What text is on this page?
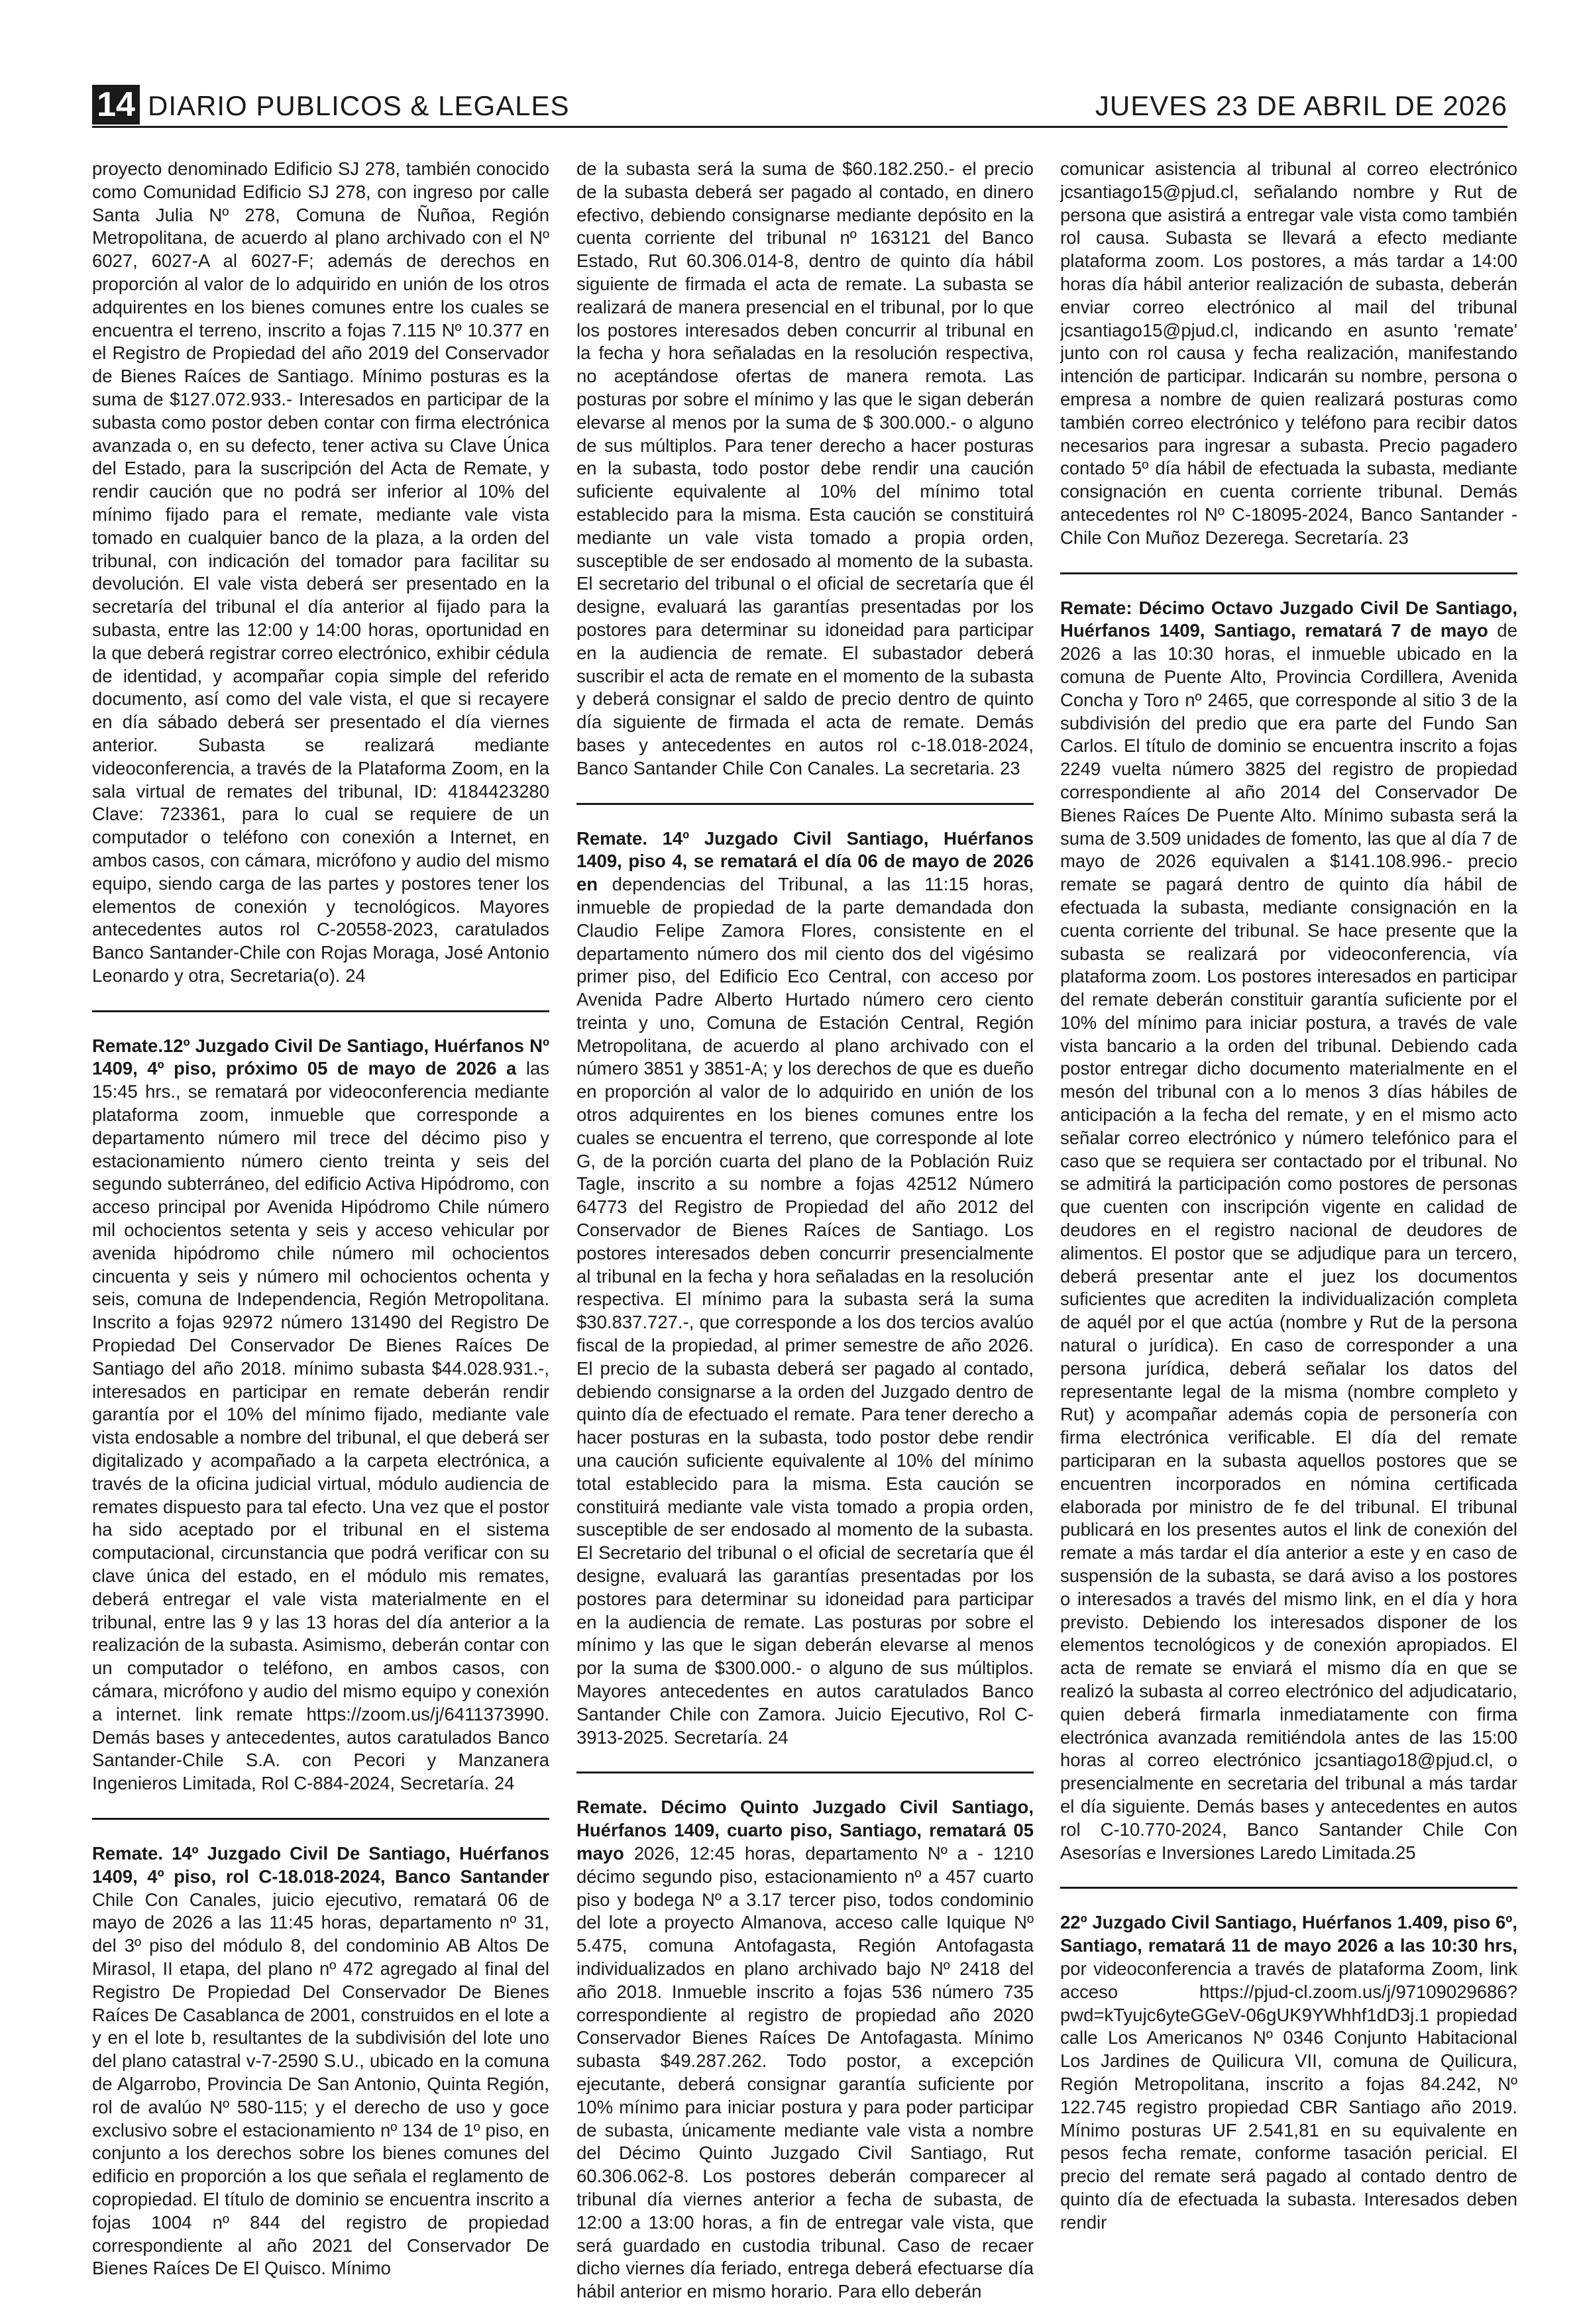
14 DIARIO PUBLICOS & LEGALES	JUEVES 23 DE ABRIL DE 2026

proyecto denominado Edificio SJ 278, también conocido como Comunidad Edificio SJ 278, con ingreso por calle Santa Julia Nº 278, Comuna de Ñuñoa, Región Metropolitana, de acuerdo al plano archivado con el Nº 6027, 6027-A al 6027-F; además de derechos en proporción al valor de lo adquirido en unión de los otros adquirentes en los bienes comunes entre los cuales se encuentra el terreno, inscrito a fojas 7.115 Nº 10.377 en el Registro de Propiedad del año 2019 del Conservador de Bienes Raíces de Santiago. Mínimo posturas es la suma de $127.072.933.- Interesados en participar de la subasta como postor deben contar con firma electrónica avanzada o, en su defecto, tener activa su Clave Única del Estado, para la suscripción del Acta de Remate, y rendir caución que no podrá ser inferior al 10% del mínimo fijado para el remate, mediante vale vista tomado en cualquier banco de la plaza, a la orden del tribunal, con indicación del tomador para facilitar su devolución. El vale vista deberá ser presentado en la secretaría del tribunal el día anterior al fijado para la subasta, entre las 12:00 y 14:00 horas, oportunidad en la que deberá registrar correo electrónico, exhibir cédula de identidad, y acompañar copia simple del referido documento, así como del vale vista, el que si recayere en día sábado deberá ser presentado el día viernes anterior. Subasta se realizará mediante videoconferencia, a través de la Plataforma Zoom, en la sala virtual de remates del tribunal, ID: 4184423280 Clave: 723361, para lo cual se requiere de un computador o teléfono con conexión a Internet, en ambos casos, con cámara, micrófono y audio del mismo equipo, siendo carga de las partes y postores tener los elementos de conexión y tecnológicos. Mayores antecedentes autos rol C-20558-2023, caratulados Banco Santander-Chile con Rojas Moraga, José Antonio Leonardo y otra, Secretaria(o). 24

Remate.12º Juzgado Civil De Santiago, Huérfanos Nº 1409, 4º piso, próximo 05 de mayo de 2026 a las 15:45 hrs., se rematará por videoconferencia mediante plataforma zoom, inmueble que corresponde a departamento número mil trece del décimo piso y estacionamiento número ciento treinta y seis del segundo subterráneo, del edificio Activa Hipódromo, con acceso principal por Avenida Hipódromo Chile número mil ochocientos setenta y seis y acceso vehicular por avenida hipódromo chile número mil ochocientos cincuenta y seis y número mil ochocientos ochenta y seis, comuna de Independencia, Región Metropolitana. Inscrito a fojas 92972 número 131490 del Registro De Propiedad Del Conservador De Bienes Raíces De Santiago del año 2018. mínimo subasta $44.028.931.-, interesados en participar en remate deberán rendir garantía por el 10% del mínimo fijado, mediante vale vista endosable a nombre del tribunal, el que deberá ser digitalizado y acompañado a la carpeta electrónica, a través de la oficina judicial virtual, módulo audiencia de remates dispuesto para tal efecto. Una vez que el postor ha sido aceptado por el tribunal en el sistema computacional, circunstancia que podrá verificar con su clave única del estado, en el módulo mis remates, deberá entregar el vale vista materialmente en el tribunal, entre las 9 y las 13 horas del día anterior a la realización de la subasta. Asimismo, deberán contar con un computador o teléfono, en ambos casos, con cámara, micrófono y audio del mismo equipo y conexión a internet. link remate https://zoom.us/j/6411373990. Demás bases y antecedentes, autos caratulados Banco Santander-Chile S.A. con Pecori y Manzanera Ingenieros Limitada, Rol C-884-2024, Secretaría. 24

Remate. 14º Juzgado Civil De Santiago, Huérfanos 1409, 4º piso, rol C-18.018-2024, Banco Santander Chile Con Canales, juicio ejecutivo, rematará 06 de mayo de 2026 a las 11:45 horas, departamento nº 31, del 3º piso del módulo 8, del condominio AB Altos De Mirasol, II etapa, del plano nº 472 agregado al final del Registro De Propiedad Del Conservador De Bienes Raíces De Casablanca de 2001, construidos en el lote a y en el lote b, resultantes de la subdivisión del lote uno del plano catastral v-7-2590 S.U., ubicado en la comuna de Algarrobo, Provincia De San Antonio, Quinta Región, rol de avalúo Nº 580-115; y el derecho de uso y goce exclusivo sobre el estacionamiento nº 134 de 1º piso, en conjunto a los derechos sobre los bienes comunes del edificio en proporción a los que señala el reglamento de copropiedad. El título de dominio se encuentra inscrito a fojas 1004 nº 844 del registro de propiedad correspondiente al año 2021 del Conservador De Bienes Raíces De El Quisco. Mínimo

de la subasta será la suma de $60.182.250.- el precio de la subasta deberá ser pagado al contado, en dinero efectivo, debiendo consignarse mediante depósito en la cuenta corriente del tribunal nº 163121 del Banco Estado, Rut 60.306.014-8, dentro de quinto día hábil siguiente de firmada el acta de remate. La subasta se realizará de manera presencial en el tribunal, por lo que los postores interesados deben concurrir al tribunal en la fecha y hora señaladas en la resolución respectiva, no aceptándose ofertas de manera remota. Las posturas por sobre el mínimo y las que le sigan deberán elevarse al menos por la suma de $ 300.000.- o alguno de sus múltiplos. Para tener derecho a hacer posturas en la subasta, todo postor debe rendir una caución suficiente equivalente al 10% del mínimo total establecido para la misma. Esta caución se constituirá mediante un vale vista tomado a propia orden, susceptible de ser endosado al momento de la subasta. El secretario del tribunal o el oficial de secretaría que él designe, evaluará las garantías presentadas por los postores para determinar su idoneidad para participar en la audiencia de remate. El subastador deberá suscribir el acta de remate en el momento de la subasta y deberá consignar el saldo de precio dentro de quinto día siguiente de firmada el acta de remate. Demás bases y antecedentes en autos rol c-18.018-2024, Banco Santander Chile Con Canales. La secretaria. 23

Remate. 14º Juzgado Civil Santiago, Huérfanos 1409, piso 4, se rematará el día 06 de mayo de 2026 en dependencias del Tribunal, a las 11:15 horas, inmueble de propiedad de la parte demandada don Claudio Felipe Zamora Flores, consistente en el departamento número dos mil ciento dos del vigésimo primer piso, del Edificio Eco Central, con acceso por Avenida Padre Alberto Hurtado número cero ciento treinta y uno, Comuna de Estación Central, Región Metropolitana, de acuerdo al plano archivado con el número 3851 y 3851-A; y los derechos de que es dueño en proporción al valor de lo adquirido en unión de los otros adquirentes en los bienes comunes entre los cuales se encuentra el terreno, que corresponde al lote G, de la porción cuarta del plano de la Población Ruiz Tagle, inscrito a su nombre a fojas 42512 Número 64773 del Registro de Propiedad del año 2012 del Conservador de Bienes Raíces de Santiago. Los postores interesados deben concurrir presencialmente al tribunal en la fecha y hora señaladas en la resolución respectiva. El mínimo para la subasta será la suma $30.837.727.-, que corresponde a los dos tercios avalúo fiscal de la propiedad, al primer semestre de año 2026. El precio de la subasta deberá ser pagado al contado, debiendo consignarse a la orden del Juzgado dentro de quinto día de efectuado el remate. Para tener derecho a hacer posturas en la subasta, todo postor debe rendir una caución suficiente equivalente al 10% del mínimo total establecido para la misma. Esta caución se constituirá mediante vale vista tomado a propia orden, susceptible de ser endosado al momento de la subasta. El Secretario del tribunal o el oficial de secretaría que él designe, evaluará las garantías presentadas por los postores para determinar su idoneidad para participar en la audiencia de remate. Las posturas por sobre el mínimo y las que le sigan deberán elevarse al menos por la suma de $300.000.- o alguno de sus múltiplos. Mayores antecedentes en autos caratulados Banco Santander Chile con Zamora. Juicio Ejecutivo, Rol C-3913-2025. Secretaría. 24

Remate. Décimo Quinto Juzgado Civil Santiago, Huérfanos 1409, cuarto piso, Santiago, rematará 05 mayo 2026, 12:45 horas, departamento Nº a - 1210 décimo segundo piso, estacionamiento nº a 457 cuarto piso y bodega Nº a 3.17 tercer piso, todos condominio del lote a proyecto Almanova, acceso calle Iquique Nº 5.475, comuna Antofagasta, Región Antofagasta individualizados en plano archivado bajo Nº 2418 del año 2018. Inmueble inscrito a fojas 536 número 735 correspondiente al registro de propiedad año 2020 Conservador Bienes Raíces De Antofagasta. Mínimo subasta $49.287.262. Todo postor, a excepción ejecutante, deberá consignar garantía suficiente por 10% mínimo para iniciar postura y para poder participar de subasta, únicamente mediante vale vista a nombre del Décimo Quinto Juzgado Civil Santiago, Rut 60.306.062-8. Los postores deberán comparecer al tribunal día viernes anterior a fecha de subasta, de 12:00 a 13:00 horas, a fin de entregar vale vista, que será guardado en custodia tribunal. Caso de recaer dicho viernes día feriado, entrega deberá efectuarse día hábil anterior en mismo horario. Para ello deberán

comunicar asistencia al tribunal al correo electrónico jcsantiago15@pjud.cl, señalando nombre y Rut de persona que asistirá a entregar vale vista como también rol causa. Subasta se llevará a efecto mediante plataforma zoom. Los postores, a más tardar a 14:00 horas día hábil anterior realización de subasta, deberán enviar correo electrónico al mail del tribunal jcsantiago15@pjud.cl, indicando en asunto 'remate' junto con rol causa y fecha realización, manifestando intención de participar. Indicarán su nombre, persona o empresa a nombre de quien realizará posturas como también correo electrónico y teléfono para recibir datos necesarios para ingresar a subasta. Precio pagadero contado 5º día hábil de efectuada la subasta, mediante consignación en cuenta corriente tribunal. Demás antecedentes rol Nº C-18095-2024, Banco Santander - Chile Con Muñoz Dezerega. Secretaría. 23

Remate: Décimo Octavo Juzgado Civil De Santiago, Huérfanos 1409, Santiago, rematará 7 de mayo de 2026 a las 10:30 horas, el inmueble ubicado en la comuna de Puente Alto, Provincia Cordillera, Avenida Concha y Toro nº 2465, que corresponde al sitio 3 de la subdivisión del predio que era parte del Fundo San Carlos. El título de dominio se encuentra inscrito a fojas 2249 vuelta número 3825 del registro de propiedad correspondiente al año 2014 del Conservador De Bienes Raíces De Puente Alto. Mínimo subasta será la suma de 3.509 unidades de fomento, las que al día 7 de mayo de 2026 equivalen a $141.108.996.- precio remate se pagará dentro de quinto día hábil de efectuada la subasta, mediante consignación en la cuenta corriente del tribunal. Se hace presente que la subasta se realizará por videoconferencia, vía plataforma zoom. Los postores interesados en participar del remate deberán constituir garantía suficiente por el 10% del mínimo para iniciar postura, a través de vale vista bancario a la orden del tribunal. Debiendo cada postor entregar dicho documento materialmente en el mesón del tribunal con a lo menos 3 días hábiles de anticipación a la fecha del remate, y en el mismo acto señalar correo electrónico y número telefónico para el caso que se requiera ser contactado por el tribunal. No se admitirá la participación como postores de personas que cuenten con inscripción vigente en calidad de deudores en el registro nacional de deudores de alimentos. El postor que se adjudique para un tercero, deberá presentar ante el juez los documentos suficientes que acrediten la individualización completa de aquél por el que actúa (nombre y Rut de la persona natural o jurídica). En caso de corresponder a una persona jurídica, deberá señalar los datos del representante legal de la misma (nombre completo y Rut) y acompañar además copia de personería con firma electrónica verificable. El día del remate participaran en la subasta aquellos postores que se encuentren incorporados en nómina certificada elaborada por ministro de fe del tribunal. El tribunal publicará en los presentes autos el link de conexión del remate a más tardar el día anterior a este y en caso de suspensión de la subasta, se dará aviso a los postores o interesados a través del mismo link, en el día y hora previsto. Debiendo los interesados disponer de los elementos tecnológicos y de conexión apropiados. El acta de remate se enviará el mismo día en que se realizó la subasta al correo electrónico del adjudicatario, quien deberá firmarla inmediatamente con firma electrónica avanzada remitiéndola antes de las 15:00 horas al correo electrónico jcsantiago18@pjud.cl, o presencialmente en secretaria del tribunal a más tardar el día siguiente. Demás bases y antecedentes en autos rol C-10.770-2024, Banco Santander Chile Con Asesorías e Inversiones Laredo Limitada.25

22º Juzgado Civil Santiago, Huérfanos 1.409, piso 6º, Santiago, rematará 11 de mayo 2026 a las 10:30 hrs, por videoconferencia a través de plataforma Zoom, link acceso https://pjud-cl.zoom.us/j/97109029686?pwd=kTyujc6yteGGeV-06gUK9YWhhf1dD3j.1 propiedad calle Los Americanos Nº 0346 Conjunto Habitacional Los Jardines de Quilicura VII, comuna de Quilicura, Región Metropolitana, inscrito a fojas 84.242, Nº 122.745 registro propiedad CBR Santiago año 2019. Mínimo posturas UF 2.541,81 en su equivalente en pesos fecha remate, conforme tasación pericial. El precio del remate será pagado al contado dentro de quinto día de efectuada la subasta. Interesados deben rendir
